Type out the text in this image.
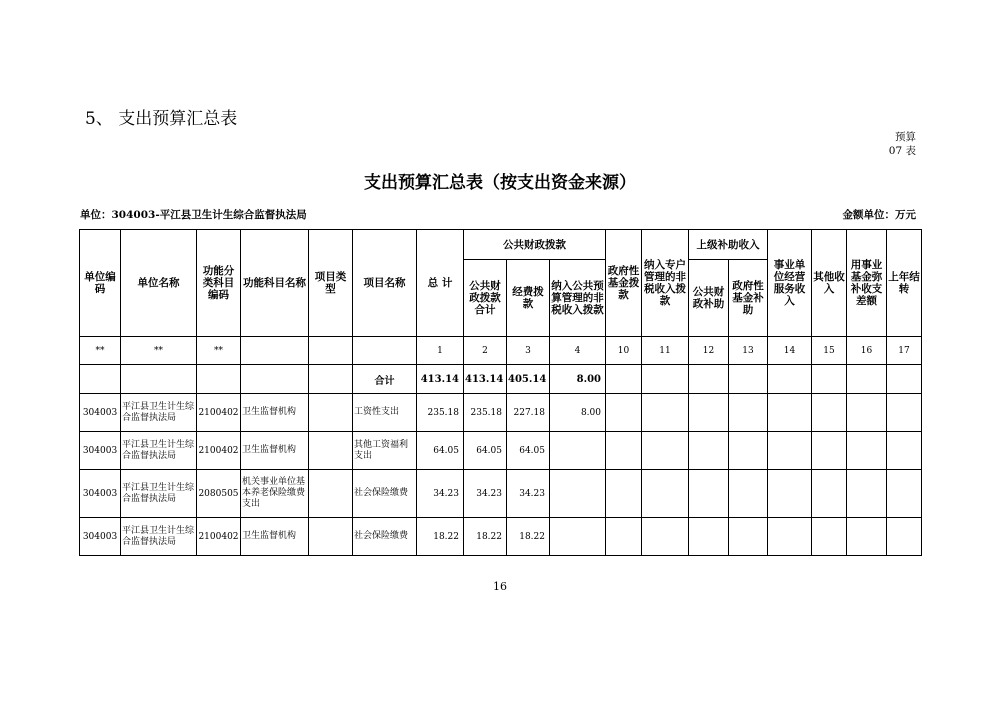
5、 支出预算汇总表
预算
07 表
支出预算汇总表（按支出资金来源）
单位：304003-平江县卫生计生综合监督执法局	金额单位：万元
单位编码	单位名称	功能分类科目编码	功能科目名称	项目类型	项目名称	总 计	公共财政拨款			政府性基金拨款	纳入专户管理的非税收入拨款	上级补助收入		事业单位经营服务收入	其他收入	用事业基金弥补收支差额	上年结转
							公共财政拨款合计	经费拨款	纳入公共预算管理的非税收入拨款			公共财政补助	政府性基金补助				
**	**	**				1	2	3	4	10	11	12	13	14	15	16	17
					合计	413.14	413.14	405.14	8.00								
304003	平江县卫生计生综合监督执法局	2100402	卫生监督机构		工资性支出	235.18	235.18	227.18	8.00								
304003	平江县卫生计生综合监督执法局	2100402	卫生监督机构		其他工资福利支出	64.05	64.05	64.05									
304003	平江县卫生计生综合监督执法局	2080505	机关事业单位基本养老保险缴费支出		社会保险缴费	34.23	34.23	34.23									
304003	平江县卫生计生综合监督执法局	2100402	卫生监督机构		社会保险缴费	18.22	18.22	18.22									
16
